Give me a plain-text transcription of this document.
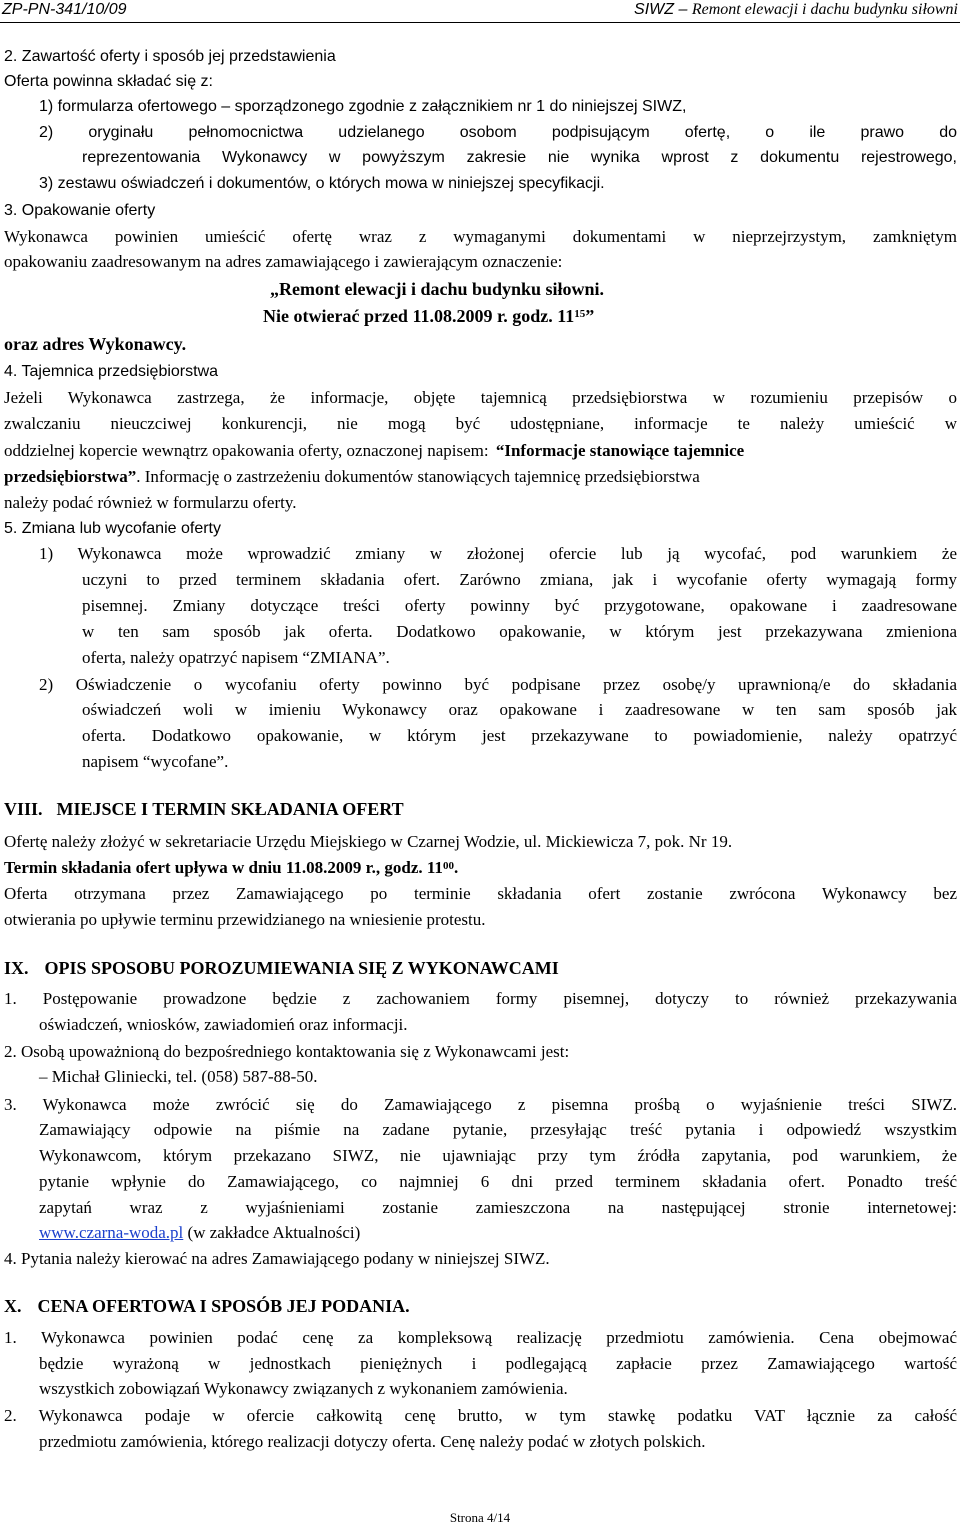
ZP-PN-341/10/09	SIWZ – Remont elewacji i dachu budynku siłowni
2. Zawartość oferty i sposób jej przedstawienia
Oferta powinna składać się z:
1) formularza ofertowego – sporządzonego zgodnie z załącznikiem nr 1 do niniejszej SIWZ,
2) oryginału pełnomocnictwa udzielanego osobom podpisującym ofertę, o ile prawo do
reprezentowania Wykonawcy w powyższym zakresie nie wynika wprost z dokumentu rejestrowego,
3) zestawu oświadczeń i dokumentów, o których mowa w niniejszej specyfikacji.
3. Opakowanie oferty
Wykonawca powinien umieścić ofertę wraz z wymaganymi dokumentami w nieprzejrzystym, zamkniętym
opakowaniu zaadresowanym na adres zamawiającego i zawierającym oznaczenie:
„Remont elewacji i dachu budynku siłowni.
Nie otwierać przed 11.08.2009 r. godz. $11^{15}$”
oraz adres Wykonawcy.
4. Tajemnica przedsiębiorstwa
Jeżeli Wykonawca zastrzega, że informacje, objęte tajemnicą przedsiębiorstwa w rozumieniu przepisów o
zwalczaniu nieuczciwej konkurencji, nie mogą być udostępniane, informacje te należy umieścić w
oddzielnej kopercie wewnątrz opakowania oferty, oznaczonej napisem: “Informacje stanowiące tajemnice
przedsiębiorstwa”. Informację o zastrzeżeniu dokumentów stanowiących tajemnicę przedsiębiorstwa
należy podać również w formularzu oferty.
5. Zmiana lub wycofanie oferty
1) Wykonawca może wprowadzić zmiany w złożonej ofercie lub ją wycofać, pod warunkiem że
uczyni to przed terminem składania ofert. Zarówno zmiana, jak i wycofanie oferty wymagają formy
pisemnej. Zmiany dotyczące treści oferty powinny być przygotowane, opakowane i zaadresowane
w ten sam sposób jak oferta. Dodatkowo opakowanie, w którym jest przekazywana zmieniona
oferta, należy opatrzyć napisem “ZMIANA”.
2) Oświadczenie o wycofaniu oferty powinno być podpisane przez osobę/y uprawnioną/e do składania
oświadczeń woli w imieniu Wykonawcy oraz opakowane i zaadresowane w ten sam sposób jak
oferta. Dodatkowo opakowanie, w którym jest przekazywane to powiadomienie, należy opatrzyć
napisem “wycofane”.
VIII. MIEJSCE I TERMIN SKŁADANIA OFERT
Ofertę należy złożyć w sekretariacie Urzędu Miejskiego w Czarnej Wodzie, ul. Mickiewicza 7, pok. Nr 19.
Termin składania ofert upływa w dniu 11.08.2009 r., godz. $11^{00}$.
Oferta otrzymana przez Zamawiającego po terminie składania ofert zostanie zwrócona Wykonawcy bez
otwierania po upływie terminu przewidzianego na wniesienie protestu.
IX. OPIS SPOSOBU POROZUMIEWANIA SIĘ Z WYKONAWCAMI
1. Postępowanie prowadzone będzie z zachowaniem formy pisemnej, dotyczy to również przekazywania
oświadczeń, wniosków, zawiadomień oraz informacji.
2. Osobą upoważnioną do bezpośredniego kontaktowania się z Wykonawcami jest:
– Michał Gliniecki, tel. (058) 587-88-50.
3. Wykonawca może zwrócić się do Zamawiającego z pisemna prośbą o wyjaśnienie treści SIWZ.
Zamawiający odpowie na piśmie na zadane pytanie, przesyłając treść pytania i odpowiedź wszystkim
Wykonawcom, którym przekazano SIWZ, nie ujawniając przy tym źródła zapytania, pod warunkiem, że
pytanie wpłynie do Zamawiającego, co najmniej 6 dni przed terminem składania ofert. Ponadto treść
zapytań wraz z wyjaśnieniami zostanie zamieszczona na następującej stronie internetowej:
www.czarna-woda.pl (w zakładce Aktualności)
4. Pytania należy kierować na adres Zamawiającego podany w niniejszej SIWZ.
X. CENA OFERTOWA I SPOSÓB JEJ PODANIA.
1. Wykonawca powinien podać cenę za kompleksową realizację przedmiotu zamówienia. Cena obejmować
będzie wyrażoną w jednostkach pieniężnych i podlegającą zapłacie przez Zamawiającego wartość
wszystkich zobowiązań Wykonawcy związanych z wykonaniem zamówienia.
2. Wykonawca podaje w ofercie całkowitą cenę brutto, w tym stawkę podatku VAT łącznie za całość
przedmiotu zamówienia, którego realizacji dotyczy oferta. Cenę należy podać w złotych polskich.
Strona 4/14
